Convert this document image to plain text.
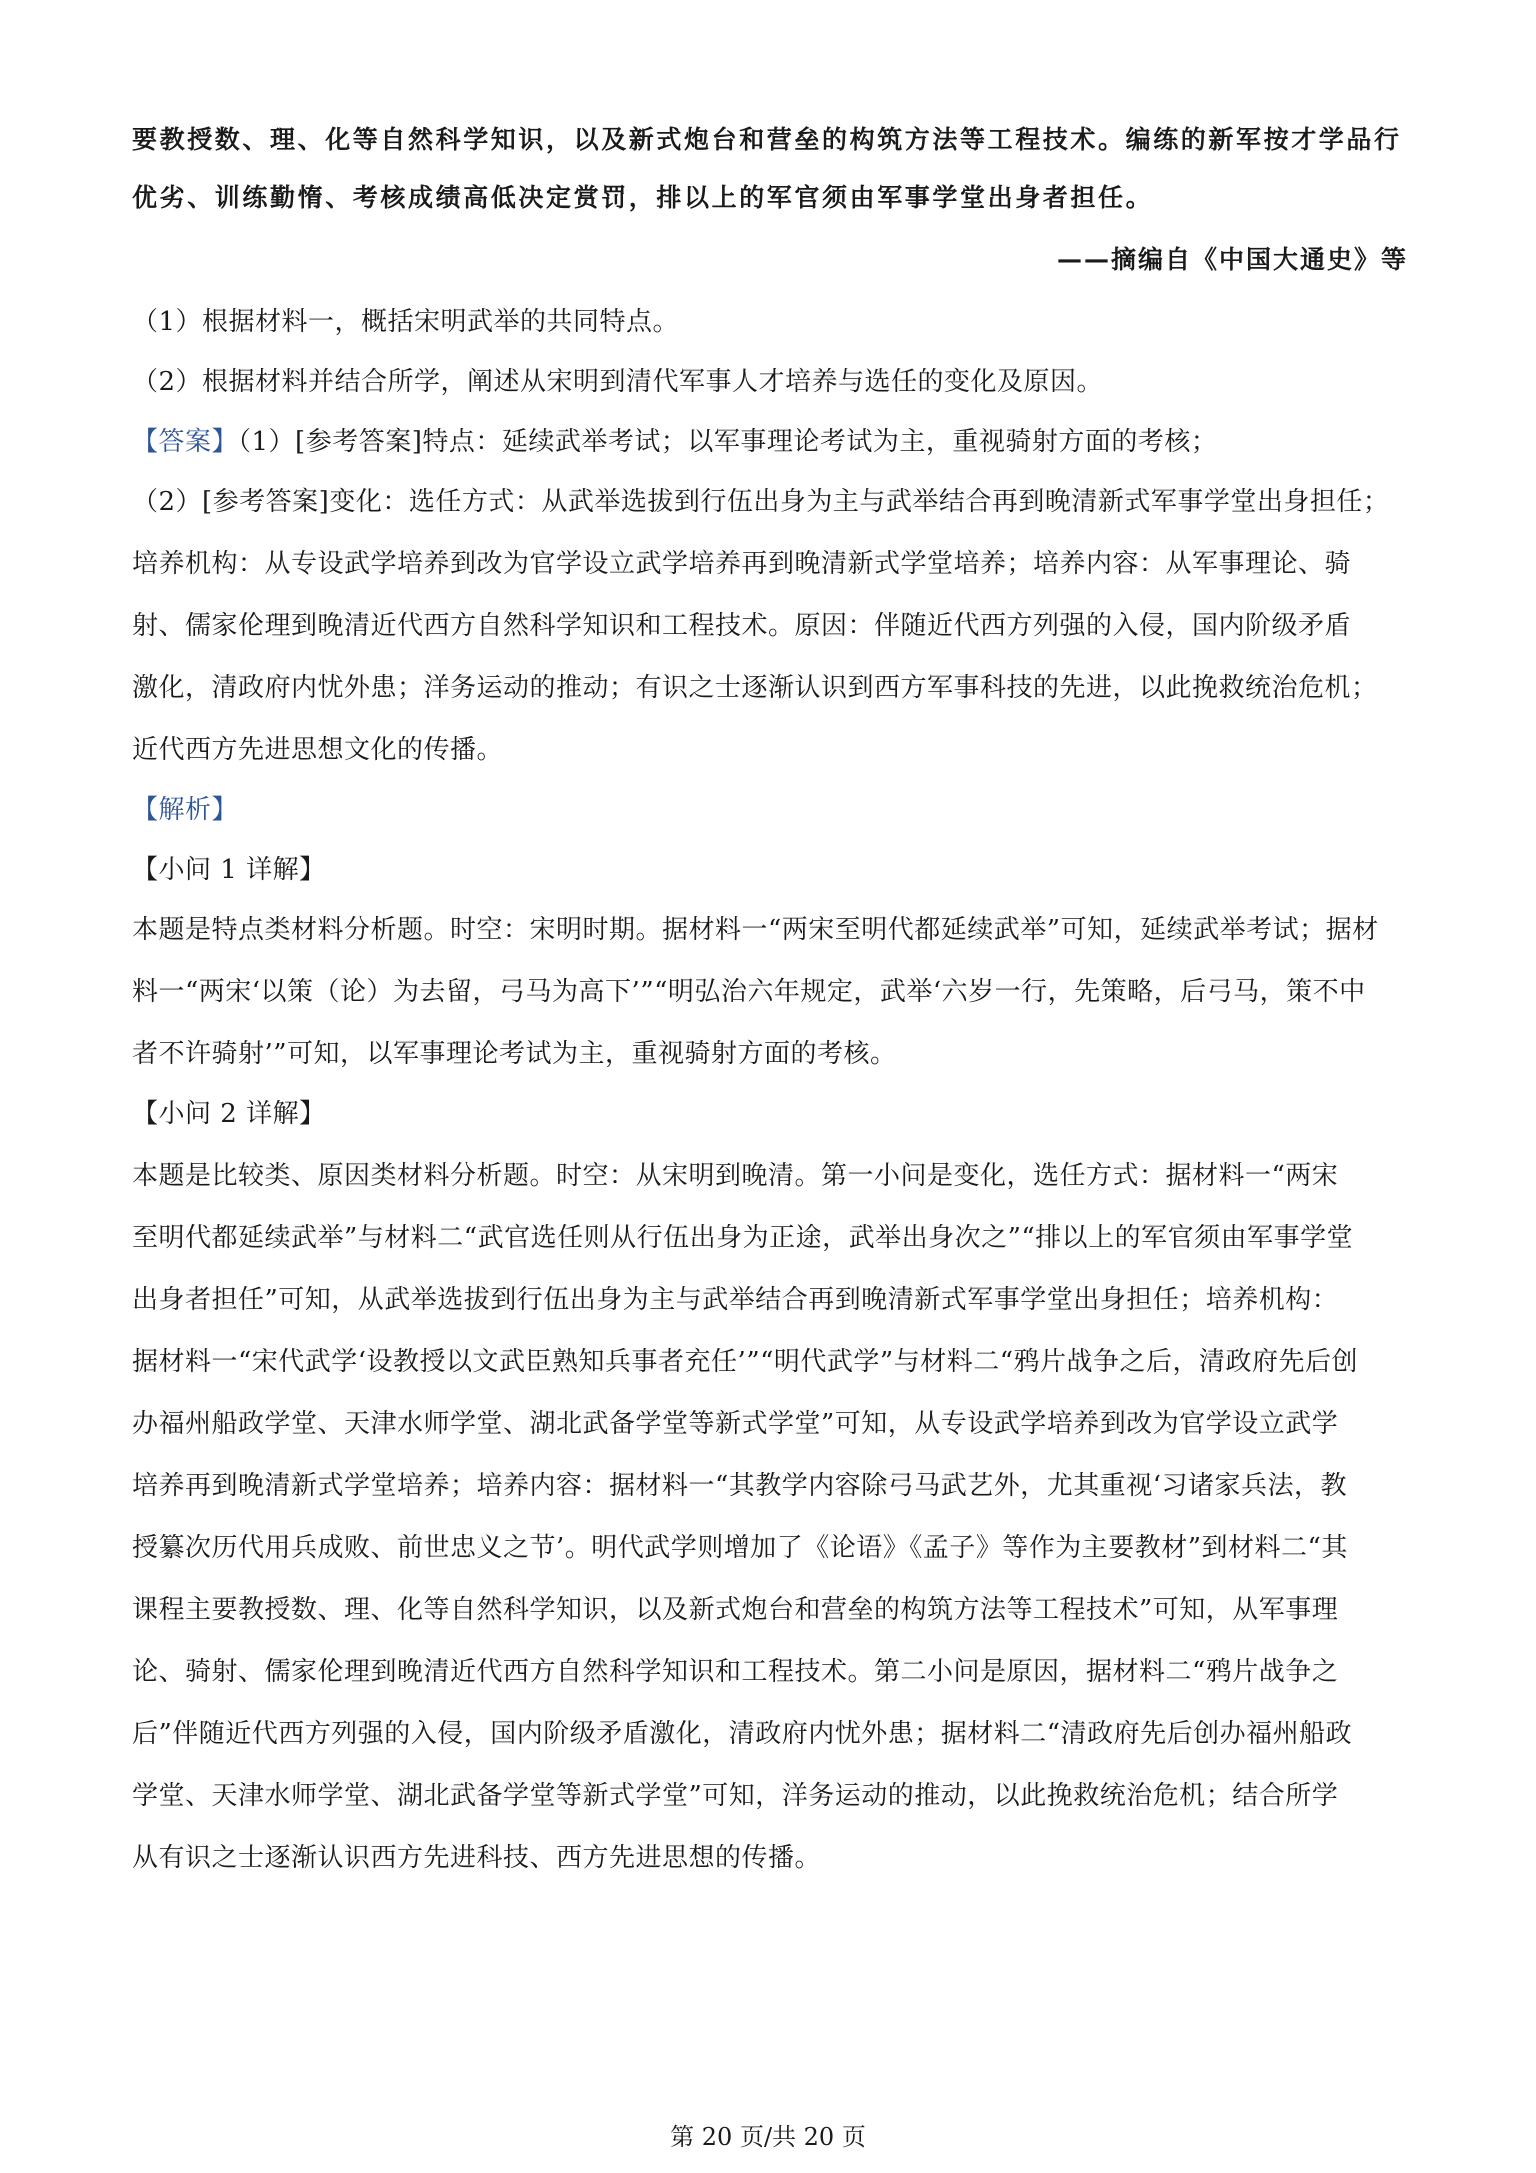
要教授数、理、化等自然科学知识，以及新式炮台和营垒的构筑方法等工程技术。编练的新军按才学品行
优劣、训练勤惰、考核成绩高低决定赏罚，排以上的军官须由军事学堂出身者担任。
——摘编自《中国大通史》等
（1）根据材料一，概括宋明武举的共同特点。
（2）根据材料并结合所学，阐述从宋明到清代军事人才培养与选任的变化及原因。
【答案】（1）[参考答案]特点：延续武举考试；以军事理论考试为主，重视骑射方面的考核；
（2）[参考答案]变化：选任方式：从武举选拔到行伍出身为主与武举结合再到晚清新式军事学堂出身担任；
培养机构：从专设武学培养到改为官学设立武学培养再到晚清新式学堂培养；培养内容：从军事理论、骑
射、儒家伦理到晚清近代西方自然科学知识和工程技术。原因：伴随近代西方列强的入侵，国内阶级矛盾
激化，清政府内忧外患；洋务运动的推动；有识之士逐渐认识到西方军事科技的先进，以此挽救统治危机；
近代西方先进思想文化的传播。
【解析】
【小问 1 详解】
本题是特点类材料分析题。时空：宋明时期。据材料一“两宋至明代都延续武举”可知，延续武举考试；据材
料一“两宋‘以策（论）为去留，弓马为高下’”“明弘治六年规定，武举‘六岁一行，先策略，后弓马，策不中
者不许骑射’”可知，以军事理论考试为主，重视骑射方面的考核。
【小问 2 详解】
本题是比较类、原因类材料分析题。时空：从宋明到晚清。第一小问是变化，选任方式：据材料一“两宋
至明代都延续武举”与材料二“武官选任则从行伍出身为正途，武举出身次之”“排以上的军官须由军事学堂
出身者担任”可知，从武举选拔到行伍出身为主与武举结合再到晚清新式军事学堂出身担任；培养机构：
据材料一“宋代武学‘设教授以文武臣熟知兵事者充任’”“明代武学”与材料二“鸦片战争之后，清政府先后创
办福州船政学堂、天津水师学堂、湖北武备学堂等新式学堂”可知，从专设武学培养到改为官学设立武学
培养再到晚清新式学堂培养；培养内容：据材料一“其教学内容除弓马武艺外，尤其重视‘习诸家兵法，教
授纂次历代用兵成败、前世忠义之节’。明代武学则增加了《论语》《孟子》等作为主要教材”到材料二“其
课程主要教授数、理、化等自然科学知识，以及新式炮台和营垒的构筑方法等工程技术”可知，从军事理
论、骑射、儒家伦理到晚清近代西方自然科学知识和工程技术。第二小问是原因，据材料二“鸦片战争之
后”伴随近代西方列强的入侵，国内阶级矛盾激化，清政府内忧外患；据材料二“清政府先后创办福州船政
学堂、天津水师学堂、湖北武备学堂等新式学堂”可知，洋务运动的推动，以此挽救统治危机；结合所学
从有识之士逐渐认识西方先进科技、西方先进思想的传播。
第 20 页/共 20 页
